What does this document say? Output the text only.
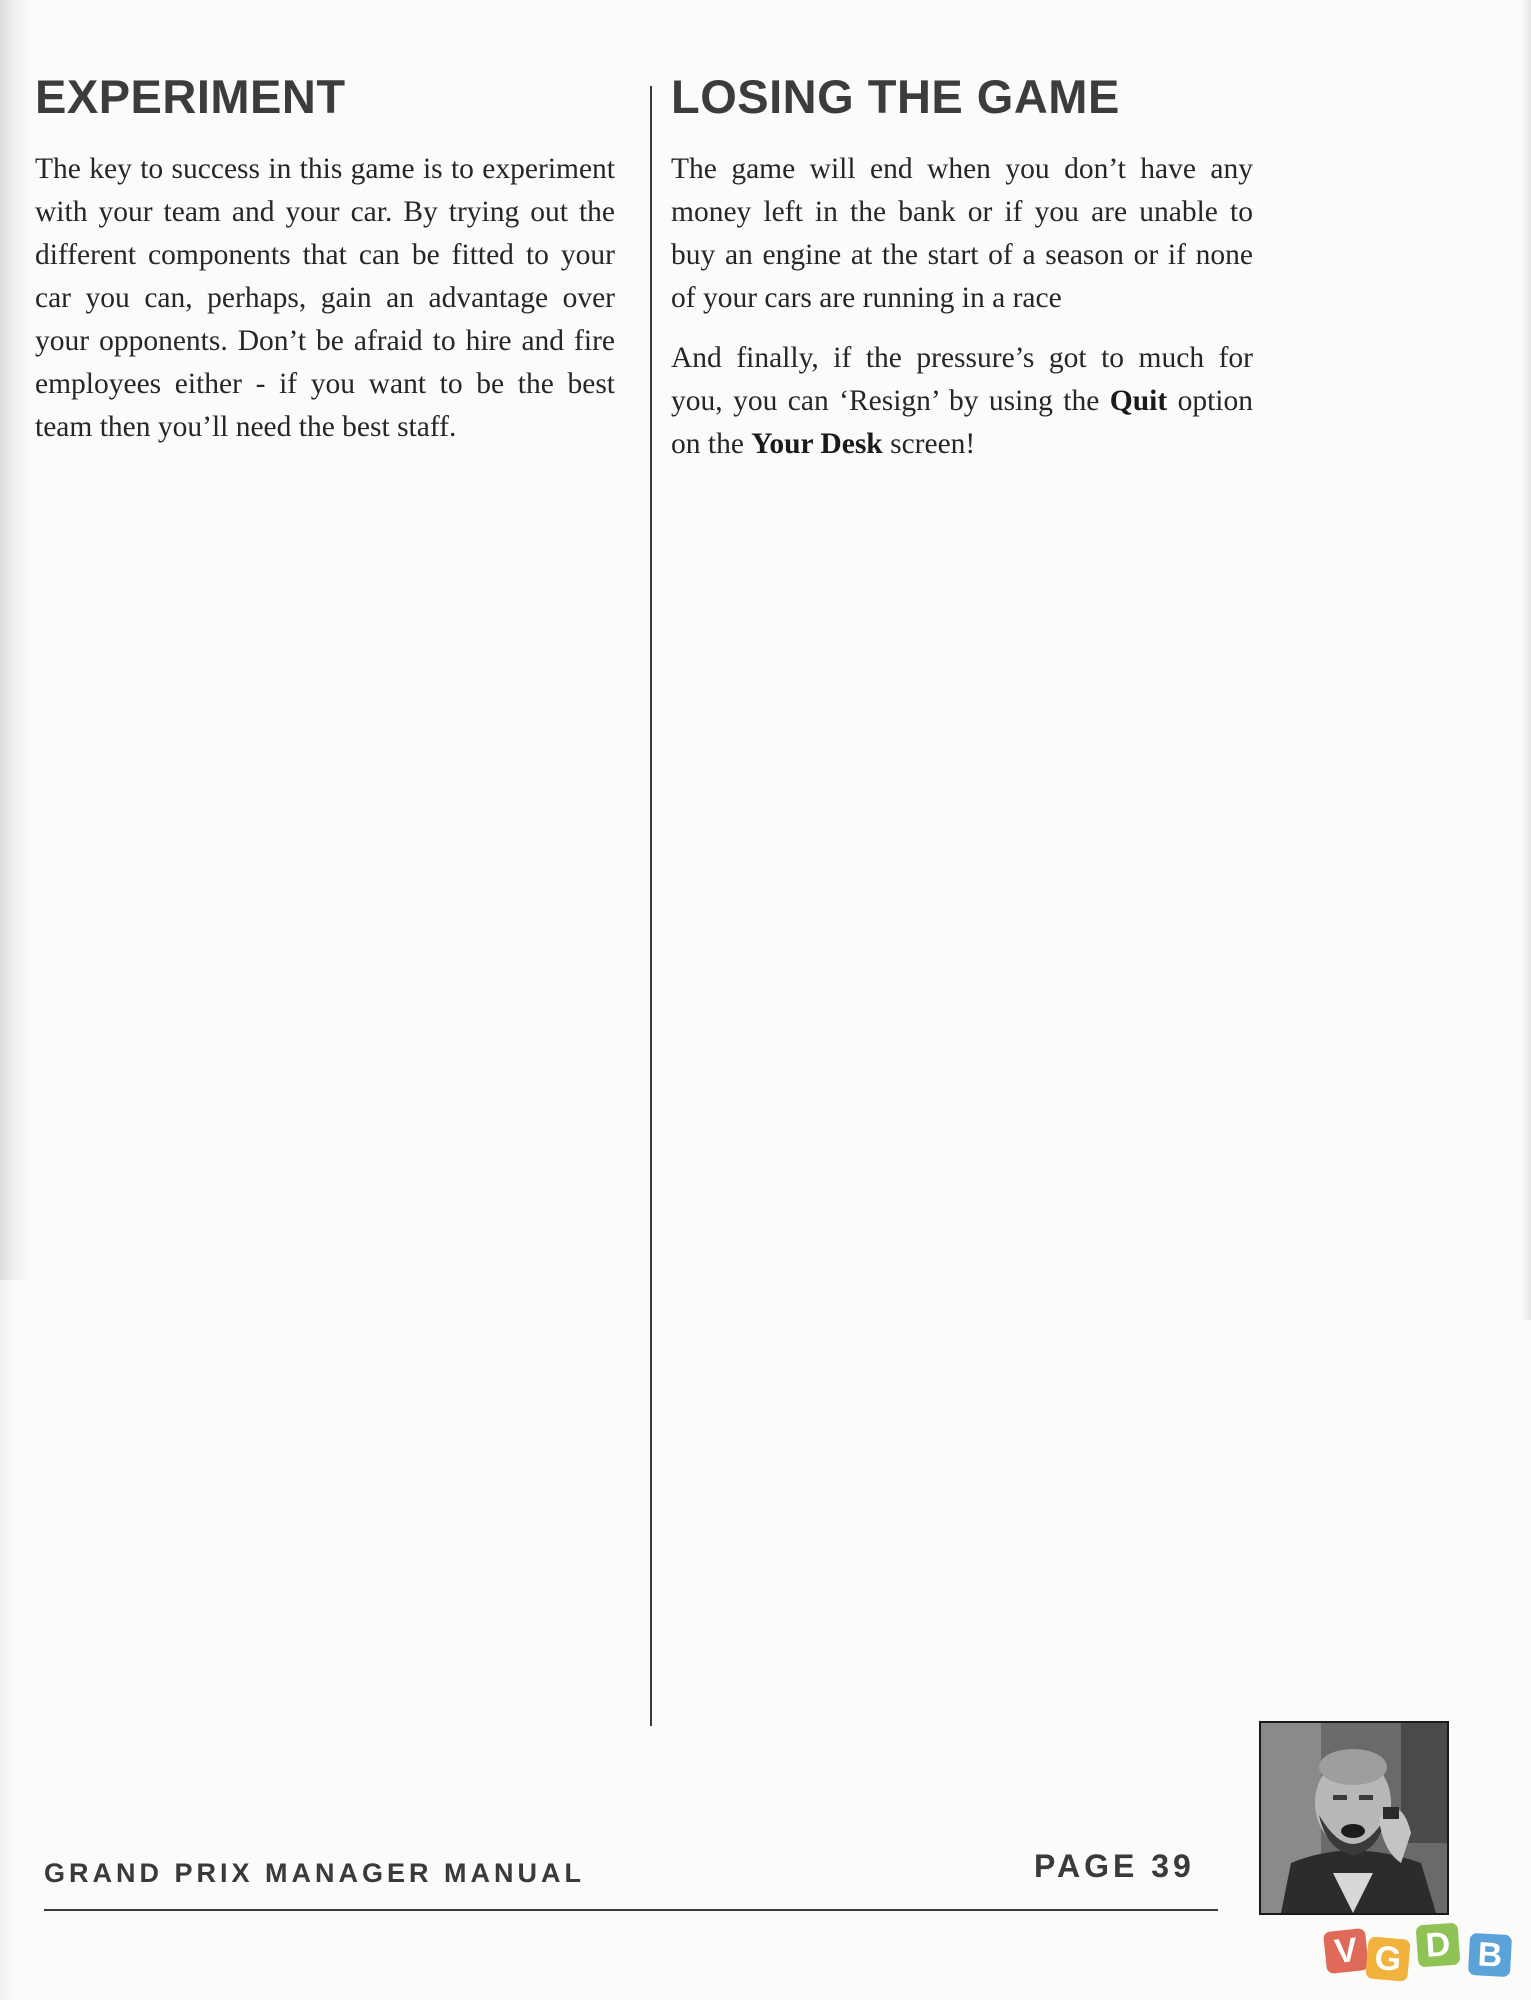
EXPERIMENT

The key to success in this game is to experiment with your team and your car. By trying out the different components that can be fitted to your car you can, perhaps, gain an advantage over your opponents. Don’t be afraid to hire and fire employees either - if you want to be the best team then you’ll need the best staff.

LOSING THE GAME

The game will end when you don’t have any money left in the bank or if you are unable to buy an engine at the start of a season or if none of your cars are running in a race

And finally, if the pressure’s got to much for you, you can ‘Resign’ by using the Quit option on the Your Desk screen!

GRAND PRIX MANAGER MANUAL	PAGE 39
V G D B
